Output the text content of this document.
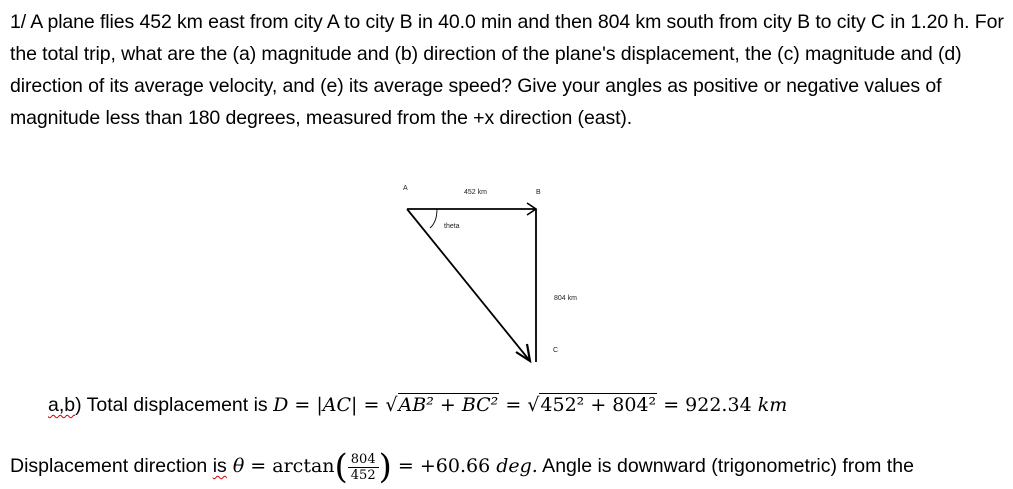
1/ A plane flies 452 km east from city A to city B in 40.0 min and then 804 km south from city B to city C in 1.20 h. For the total trip, what are the (a) magnitude and (b) direction of the plane's displacement, the (c) magnitude and (d) direction of its average velocity, and (e) its average speed? Give your angles as positive or negative values of magnitude less than 180 degrees, measured from the +x direction (east).
A
B
C
452 km
804 km
theta
a,b) Total displacement is D = |AC| = √AB² + BC² = √452² + 804² = 922.34 km
Displacement direction is $\theta = \arctan( \frac{804}{452}$ ) = +60.66 deg. Angle is downward (trigonometric) from the
